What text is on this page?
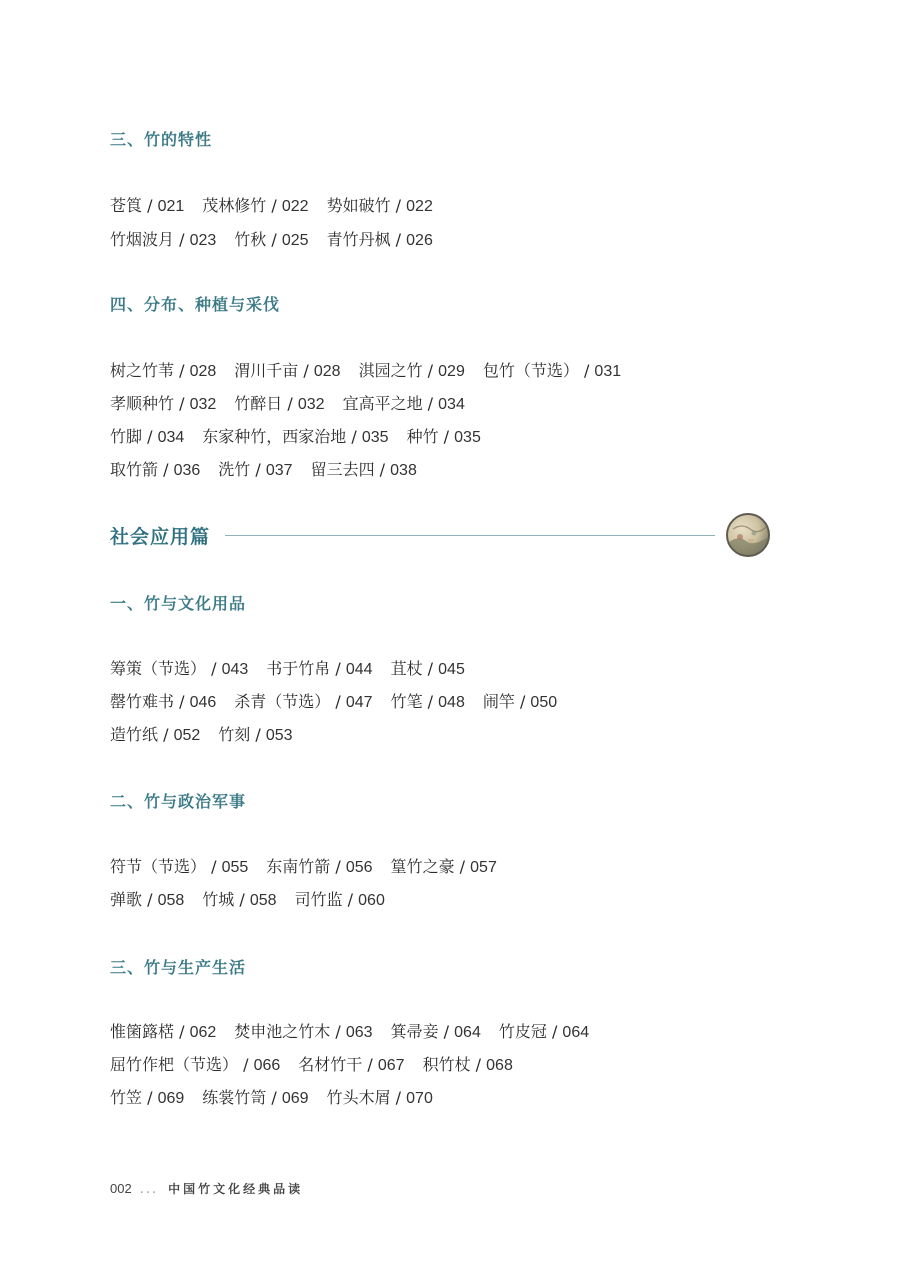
三、竹的特性
四、分布、种植与采伐
社会应用篇
一、竹与文化用品
二、竹与政治军事
三、竹与生产生活
苍筤 / 021 茂林修竹 / 022 势如破竹 / 022
竹烟波月 / 023 竹秋 / 025 青竹丹枫 / 026
树之竹苇 / 028 渭川千亩 / 028 淇园之竹 / 029 包竹（节选） / 031
孝顺种竹 / 032 竹醉日 / 032 宜高平之地 / 034
竹脚 / 034 东家种竹，西家治地 / 035 种竹 / 035
取竹箭 / 036 洗竹 / 037 留三去四 / 038
筹策（节选） / 043 书于竹帛 / 044 苴杖 / 045
罄竹难书 / 046 杀青（节选） / 047 竹笔 / 048 闹竿 / 050
造竹纸 / 052 竹刻 / 053
符节（节选） / 055 东南竹箭 / 056 篁竹之豪 / 057
弹歌 / 058 竹城 / 058 司竹监 / 060
惟箘簬楛 / 062 焚申池之竹木 / 063 箕帚妾 / 064 竹皮冠 / 064
屈竹作杷（节选） / 066 名材竹干 / 067 积竹杖 / 068
竹笠 / 069 练裳竹笥 / 069 竹头木屑 / 070
002 ... 中国竹文化经典品读
